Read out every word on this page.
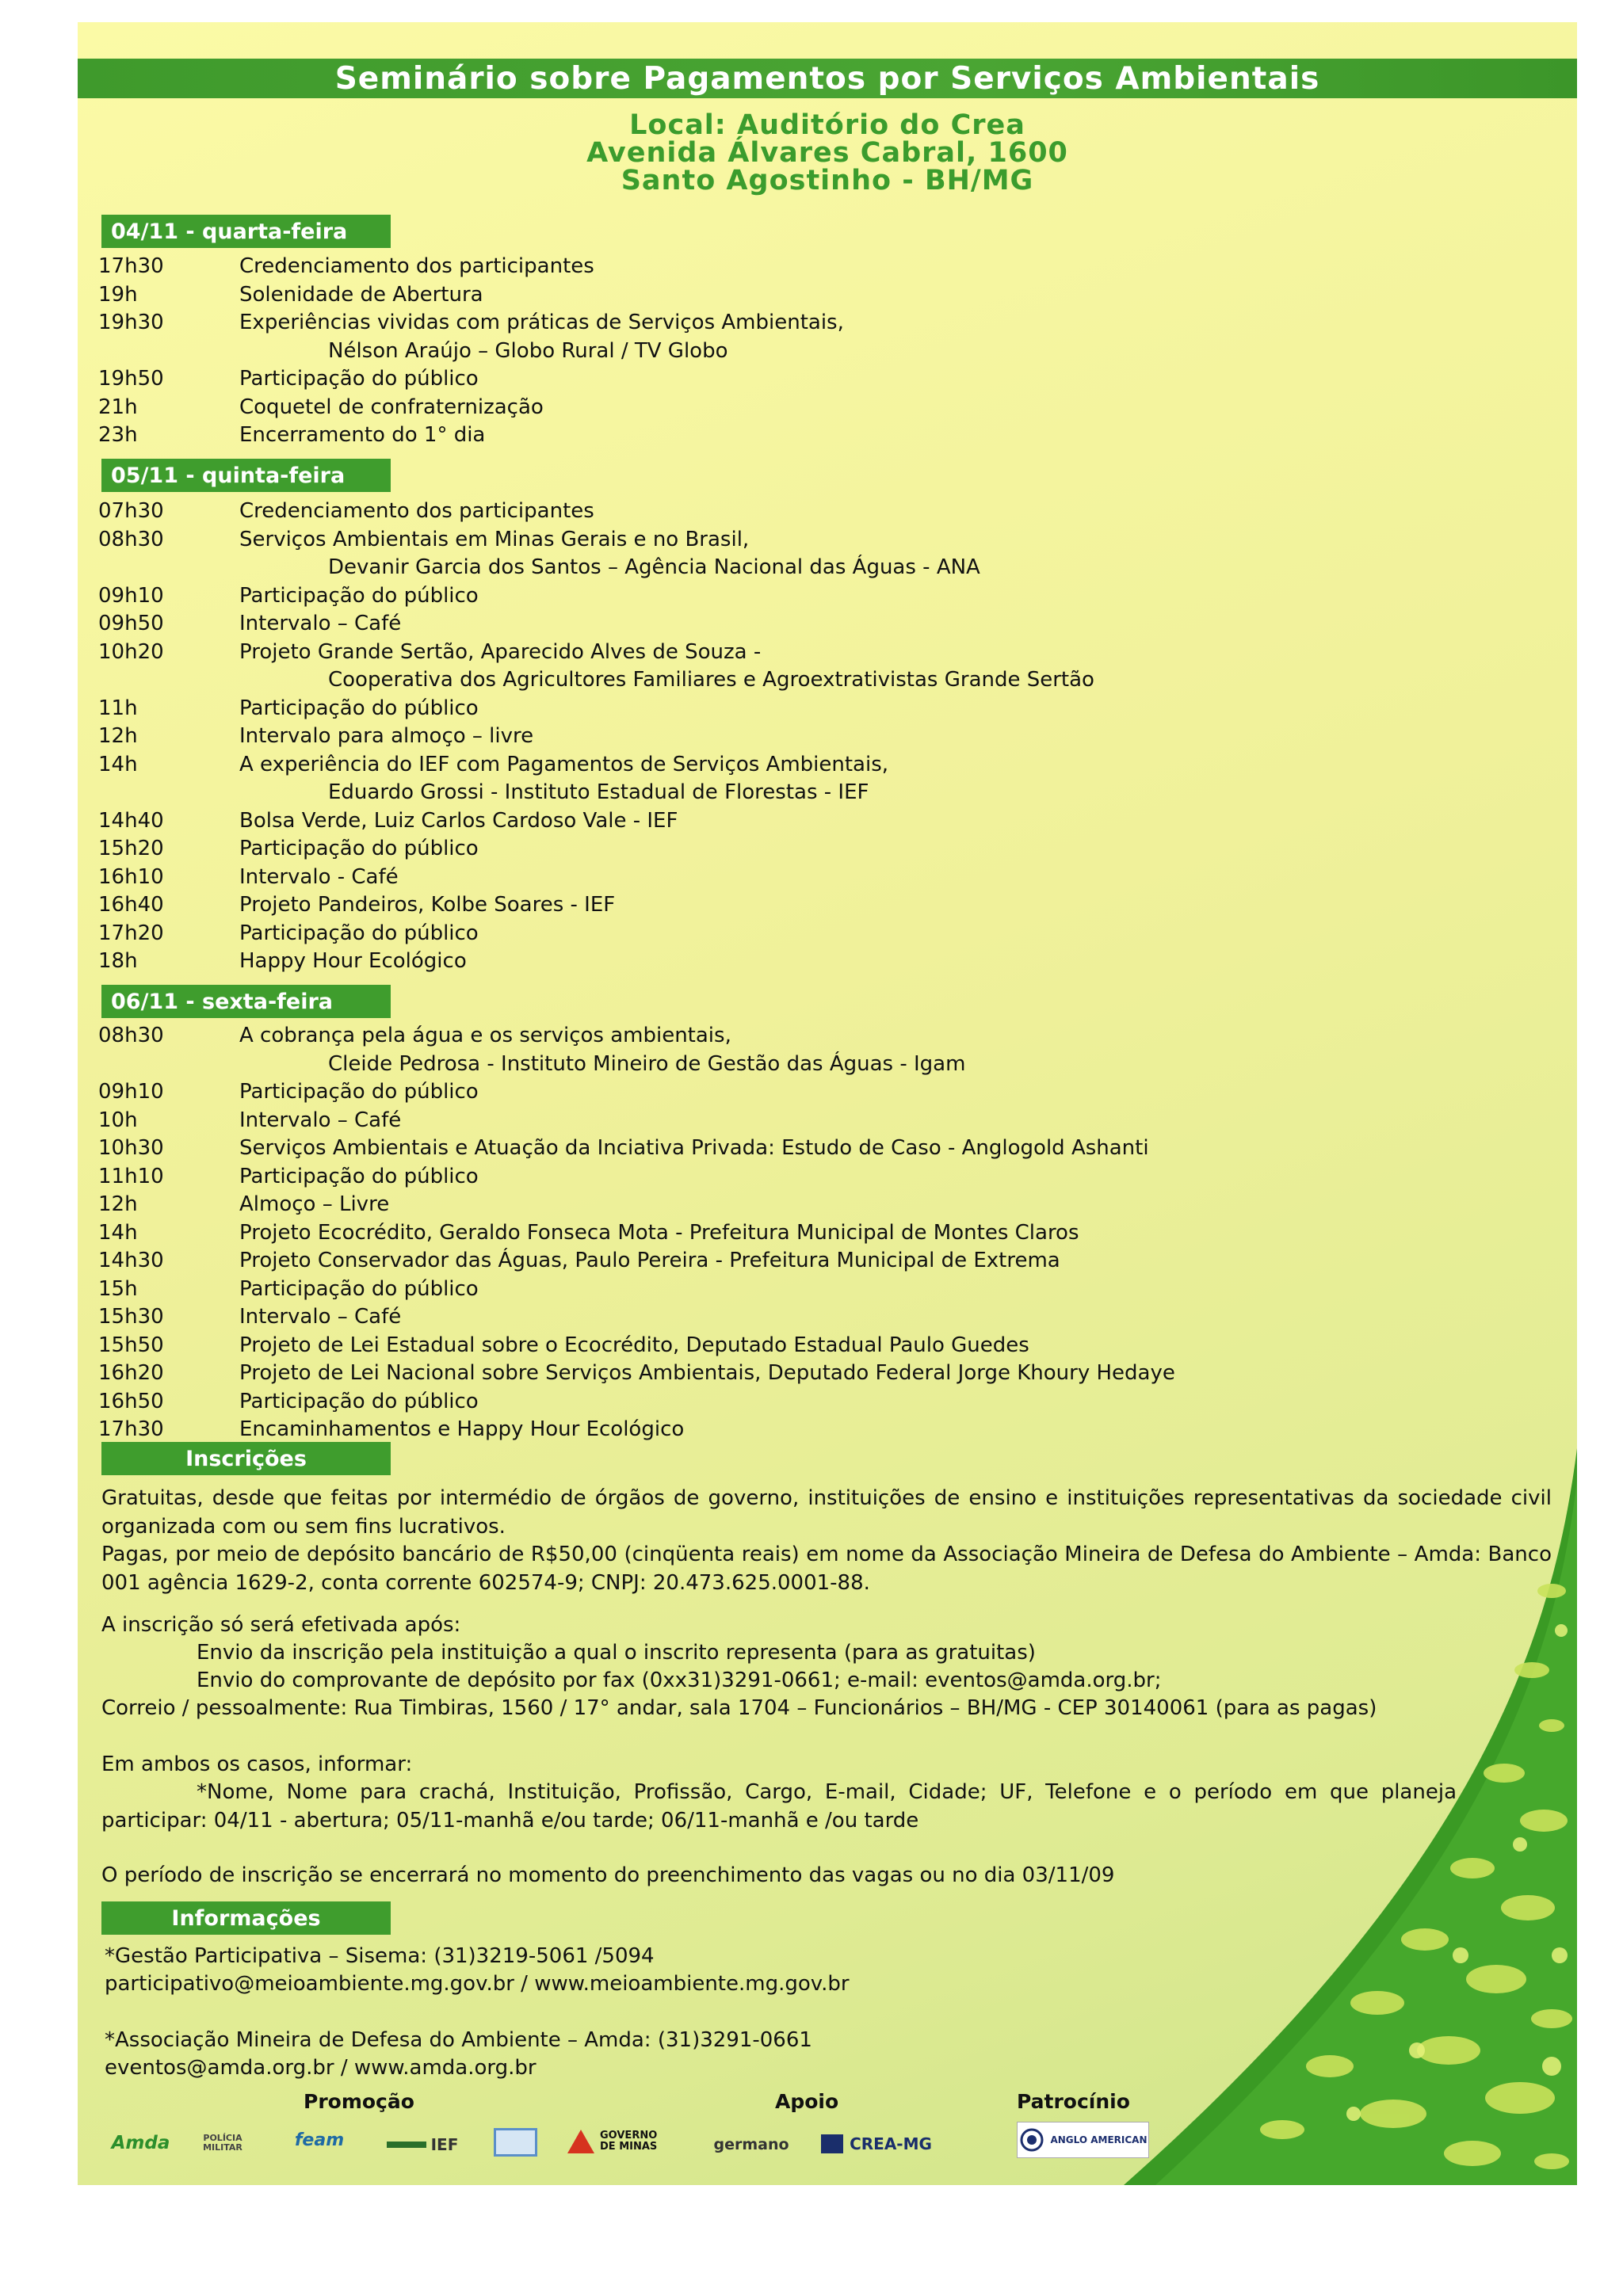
Seminário sobre Pagamentos por Serviços Ambientais
Local: Auditório do Crea
Avenida Álvares Cabral, 1600
Santo Agostinho - BH/MG
04/11 - quarta-feira
17h30	Credenciamento dos participantes
19h	Solenidade de Abertura
19h30	Experiências vividas com práticas de Serviços Ambientais,
Nélson Araújo – Globo Rural / TV Globo
19h50	Participação do público
21h	Coquetel de confraternização
23h	Encerramento do 1° dia
05/11 - quinta-feira
07h30	Credenciamento dos participantes
08h30	Serviços Ambientais em Minas Gerais e no Brasil,
Devanir Garcia dos Santos – Agência Nacional das Águas - ANA
09h10	Participação do público
09h50	Intervalo – Café
10h20	Projeto Grande Sertão, Aparecido Alves de Souza -
Cooperativa dos Agricultores Familiares e Agroextrativistas Grande Sertão
11h	Participação do público
12h	Intervalo para almoço – livre
14h	A experiência do IEF com Pagamentos de Serviços Ambientais,
Eduardo Grossi - Instituto Estadual de Florestas - IEF
14h40	Bolsa Verde, Luiz Carlos Cardoso Vale - IEF
15h20	Participação do público
16h10	Intervalo - Café
16h40	Projeto Pandeiros, Kolbe Soares - IEF
17h20	Participação do público
18h	Happy Hour Ecológico
06/11 - sexta-feira
08h30	A cobrança pela água e os serviços ambientais,
Cleide Pedrosa - Instituto Mineiro de Gestão das Águas - Igam
09h10	Participação do público
10h	Intervalo – Café
10h30	Serviços Ambientais e Atuação da Inciativa Privada: Estudo de Caso - Anglogold Ashanti
11h10	Participação do público
12h	Almoço – Livre
14h	Projeto Ecocrédito, Geraldo Fonseca Mota - Prefeitura Municipal de Montes Claros
14h30	Projeto Conservador das Águas, Paulo Pereira - Prefeitura Municipal de Extrema
15h	Participação do público
15h30	Intervalo – Café
15h50	Projeto de Lei Estadual sobre o Ecocrédito, Deputado Estadual Paulo Guedes
16h20	Projeto de Lei Nacional sobre Serviços Ambientais, Deputado Federal Jorge Khoury Hedaye
16h50	Participação do público
17h30	Encaminhamentos e Happy Hour Ecológico
Inscrições
Gratuitas, desde que feitas por intermédio de órgãos de governo, instituições de ensino e instituições representativas da sociedade civil organizada com ou sem fins lucrativos.
Pagas, por meio de depósito bancário de R$50,00 (cinqüenta reais) em nome da Associação Mineira de Defesa do Ambiente – Amda: Banco 001 agência 1629-2, conta corrente 602574-9; CNPJ: 20.473.625.0001-88.
A inscrição só será efetivada após:
Envio da inscrição pela instituição a qual o inscrito representa (para as gratuitas)
Envio do comprovante de depósito por fax (0xx31)3291-0661; e-mail: eventos@amda.org.br;
Correio / pessoalmente: Rua Timbiras, 1560 / 17° andar, sala 1704 – Funcionários – BH/MG - CEP 30140061 (para as pagas)
Em ambos os casos, informar:
*Nome, Nome para crachá, Instituição, Profissão, Cargo, E-mail, Cidade; UF, Telefone e o período em que planeja participar: 04/11 - abertura; 05/11-manhã e/ou tarde; 06/11-manhã e /ou tarde
O período de inscrição se encerrará no momento do preenchimento das vagas ou no dia 03/11/09
Informações
*Gestão Participativa – Sisema: (31)3219-5061 /5094
participativo@meioambiente.mg.gov.br / www.meioambiente.mg.gov.br
*Associação Mineira de Defesa do Ambiente – Amda: (31)3291-0661
eventos@amda.org.br / www.amda.org.br
Promoção	Apoio	Patrocínio
Amda	POLÍCIA MILITAR	feam	IEF	GOVERNO DE MINAS	germano	CREA-MG	ANGLO AMERICAN
